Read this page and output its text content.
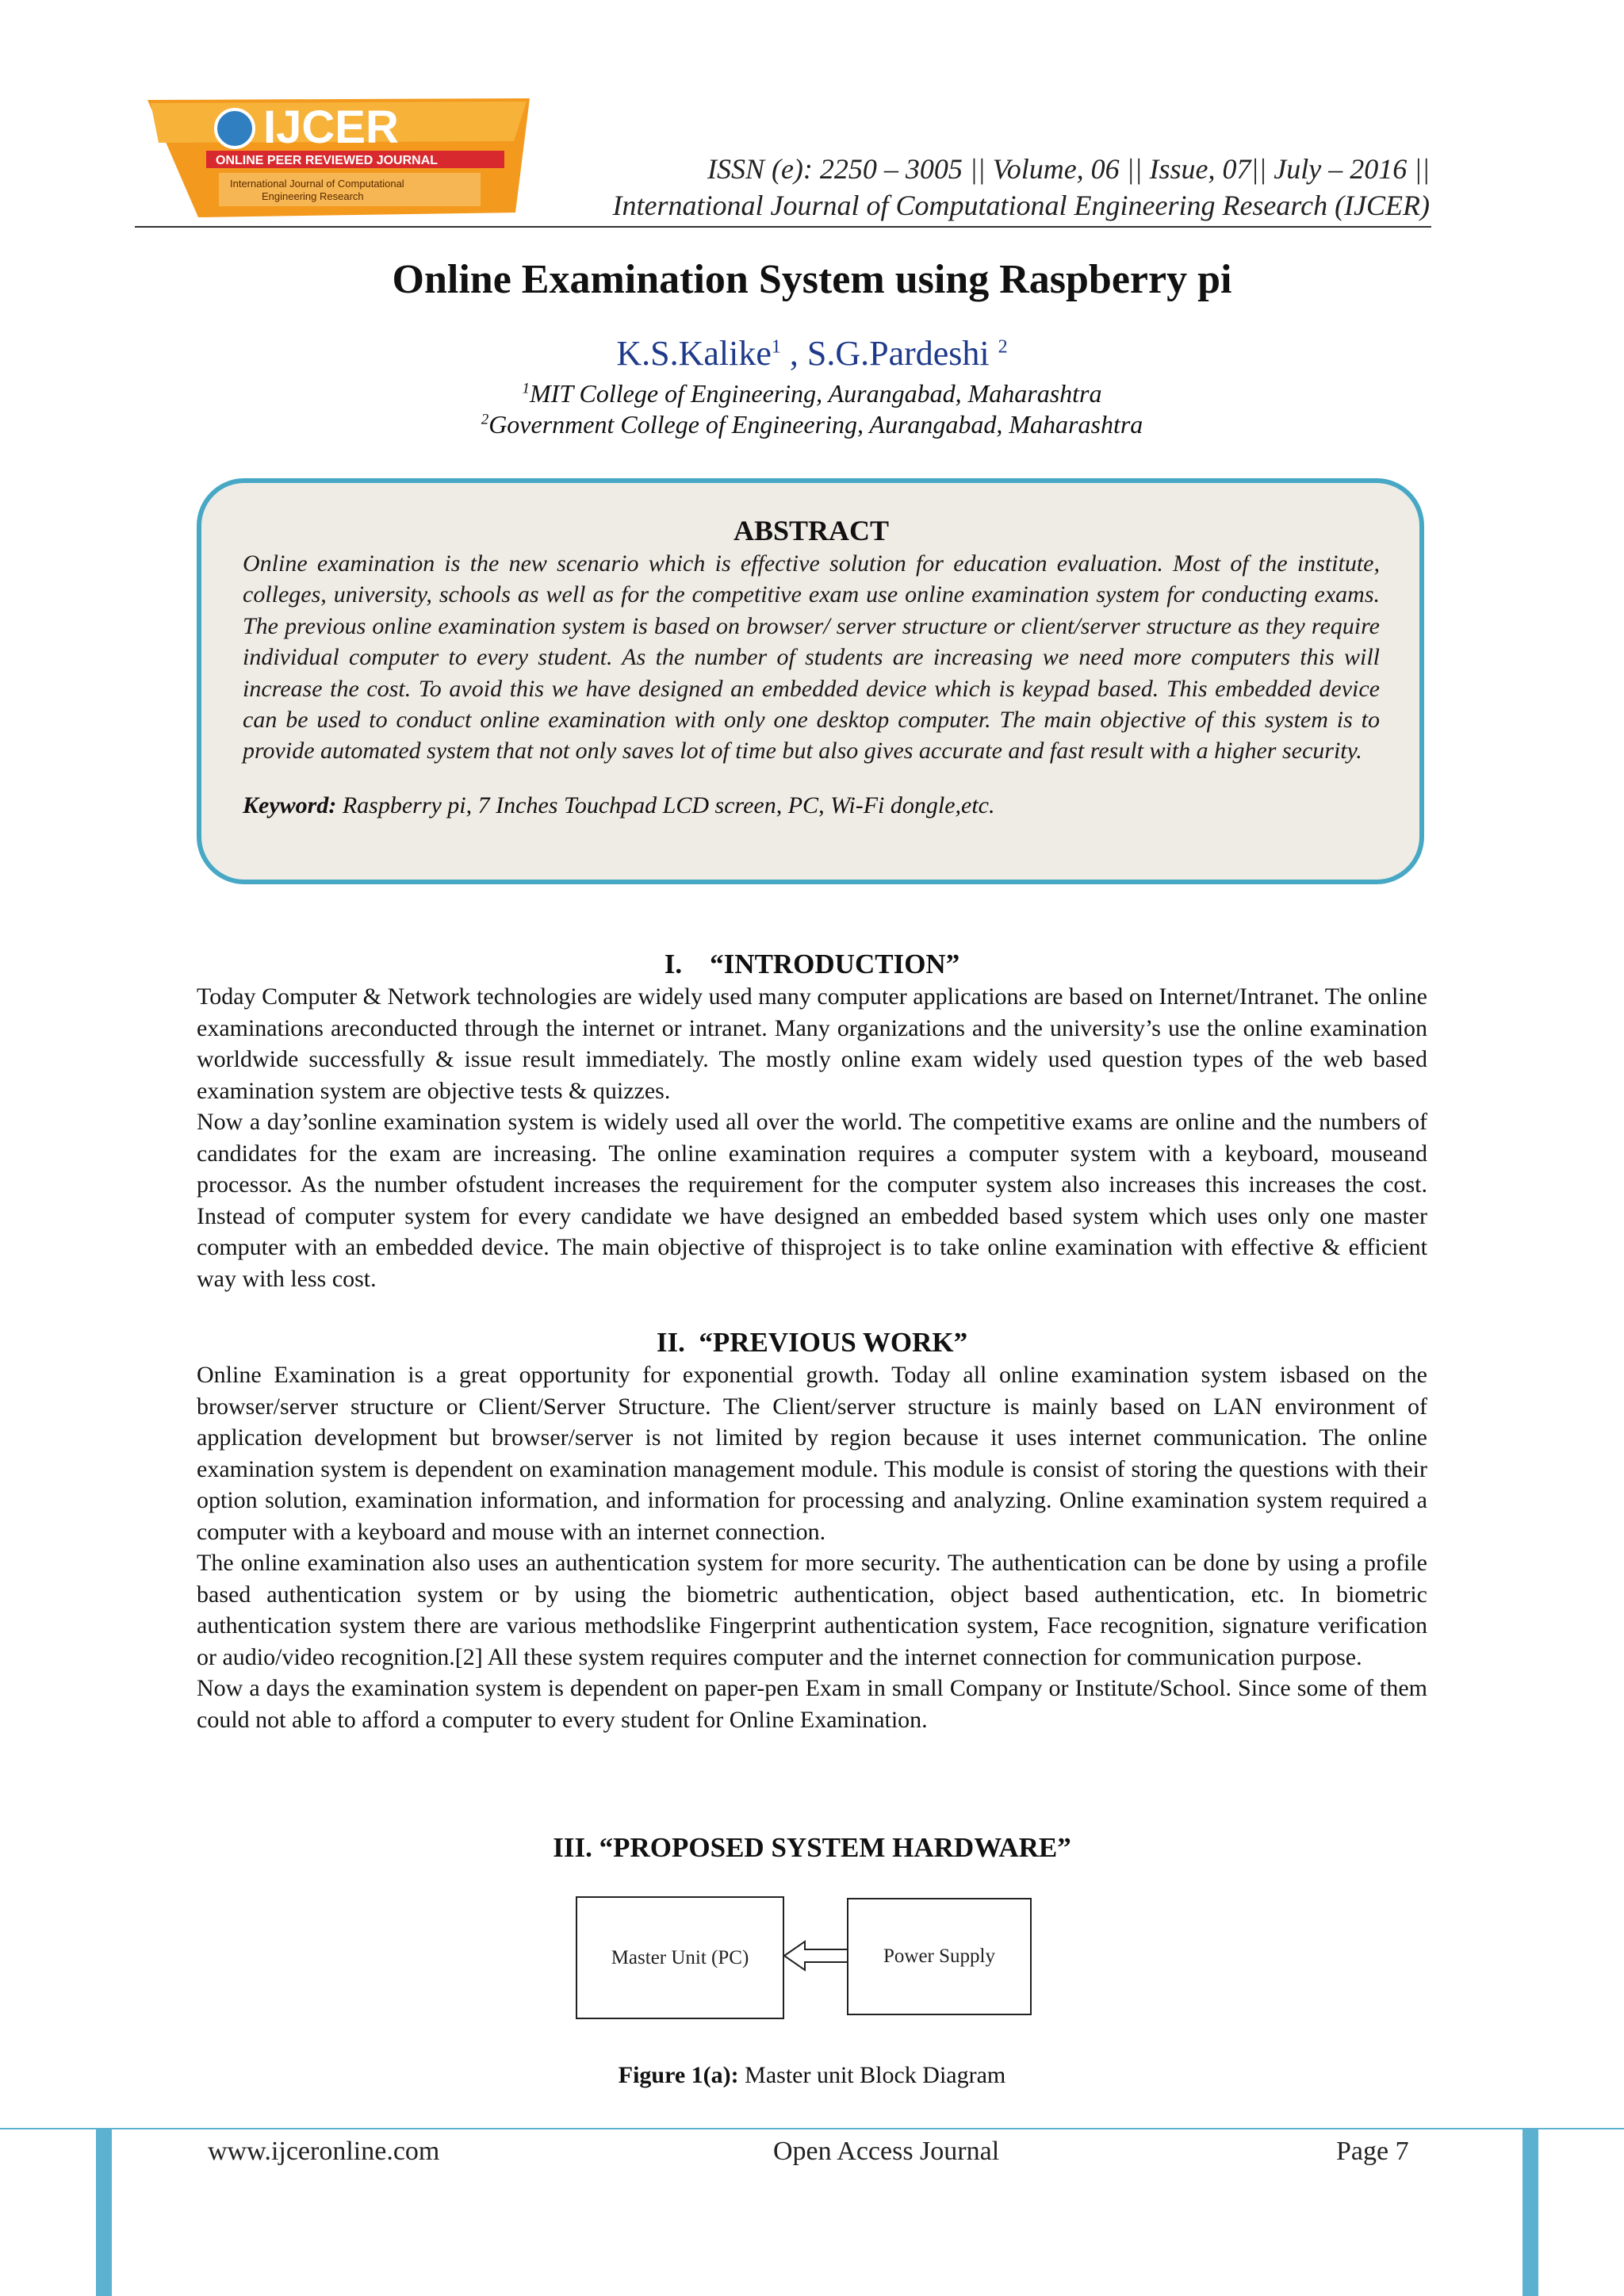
IJCER
ONLINE PEER REVIEWED JOURNAL
International Journal of Computational
Engineering Research
ISSN (e): 2250 – 3005 || Volume, 06 || Issue, 07|| July – 2016 ||
International Journal of Computational Engineering Research (IJCER)
Online Examination System using Raspberry pi
K.S.Kalike$^1$ , S.G.Pardeshi $^2$
$^1$MIT College of Engineering, Aurangabad, Maharashtra
$^2$Government College of Engineering, Aurangabad, Maharashtra
ABSTRACT
Online examination is the new scenario which is effective solution for education evaluation. Most of the institute, colleges, university, schools as well as for the competitive exam use online examination system for conducting exams. The previous online examination system is based on browser/ server structure or client/server structure as they require individual computer to every student. As the number of students are increasing we need more computers this will increase the cost. To avoid this we have designed an embedded device which is keypad based. This embedded device can be used to conduct online examination with only one desktop computer. The main objective of this system is to provide automated system that not only saves lot of time but also gives accurate and fast result with a higher security.
Keyword: Raspberry pi, 7 Inches Touchpad LCD screen, PC, Wi-Fi dongle,etc.
I.    “INTRODUCTION”

Today Computer & Network technologies are widely used many computer applications are based on Internet/Intranet. The online examinations areconducted through the internet or intranet. Many organizations and the university’s use the online examination worldwide successfully & issue result immediately. The mostly online exam widely used question types of the web based examination system are objective tests & quizzes.

Now a day’sonline examination system is widely used all over the world. The competitive exams are online and the numbers of candidates for the exam are increasing. The online examination requires a computer system with a keyboard, mouseand processor. As the number ofstudent increases the requirement for the computer system also increases this increases the cost. Instead of computer system for every candidate we have designed an embedded based system which uses only one master computer with an embedded device. The main objective of thisproject is to take online examination with effective & efficient way with less cost.

II.  “PREVIOUS WORK”

Online Examination is a great opportunity for exponential growth. Today all online examination system isbased on the browser/server structure or Client/Server Structure. The Client/server structure is mainly based on LAN environment of application development but browser/server is not limited by region because it uses internet communication. The online examination system is dependent on examination management module. This module is consist of storing the questions with their option solution, examination information, and information for processing and analyzing. Online examination system required a computer with a keyboard and mouse with an internet connection.

The online examination also uses an authentication system for more security. The authentication can be done by using a profile based authentication system or by using the biometric authentication, object based authentication, etc. In biometric authentication system there are various methodslike Fingerprint authentication system, Face recognition, signature verification or audio/video recognition.[2] All these system requires computer and the internet connection for communication purpose.

Now a days the examination system is dependent on paper-pen Exam in small Company or Institute/School. Since some of them could not able to afford a computer to every student for Online Examination.

III. “PROPOSED SYSTEM HARDWARE”
Master Unit (PC)	Power Supply
Figure 1(a): Master unit Block Diagram
www.ijceronline.com	Open Access Journal	Page 7
